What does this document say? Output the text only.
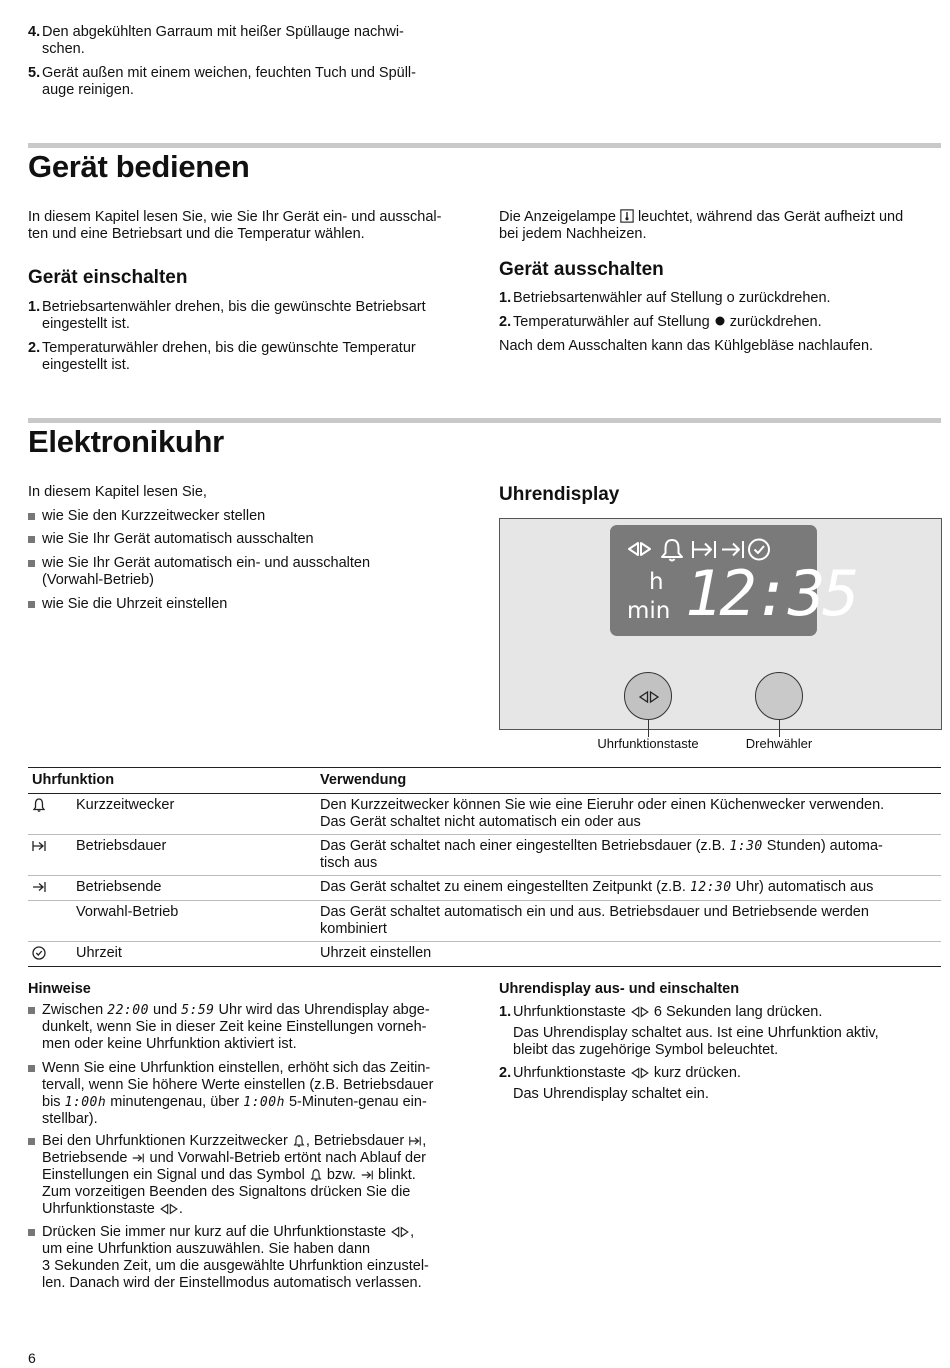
4. Den abgekühlten Garraum mit heißer Spüllauge nachwi-
schen.
5. Gerät außen mit einem weichen, feuchten Tuch und Spüll-
auge reinigen.
Gerät bedienen
In diesem Kapitel lesen Sie, wie Sie Ihr Gerät ein- und ausschal-
ten und eine Betriebsart und die Temperatur wählen.
Die Anzeigelampe leuchtet, während das Gerät aufheizt und
bei jedem Nachheizen.
Gerät einschalten
1. Betriebsartenwähler drehen, bis die gewünschte Betriebsart
eingestellt ist.
2. Temperaturwähler drehen, bis die gewünschte Temperatur
eingestellt ist.
Gerät ausschalten
1. Betriebsartenwähler auf Stellung o zurückdrehen.
2. Temperaturwähler auf Stellung zurückdrehen.
Nach dem Ausschalten kann das Kühlgebläse nachlaufen.
Elektronikuhr
In diesem Kapitel lesen Sie,
wie Sie den Kurzzeitwecker stellen
wie Sie Ihr Gerät automatisch ausschalten
wie Sie Ihr Gerät automatisch ein- und ausschalten
(Vorwahl-Betrieb)
wie Sie die Uhrzeit einstellen
Uhrendisplay
h
min 12:35
Uhrfunktionstaste	Drehwähler
Uhrfunktion		Verwendung
	Kurzzeitwecker	Den Kurzzeitwecker können Sie wie eine Eieruhr oder einen Küchenwecker verwenden.
Das Gerät schaltet nicht automatisch ein oder aus

	Betriebsdauer	Das Gerät schaltet nach einer eingestellten Betriebsdauer (z.B. 1:30 Stunden) automa-
tisch aus

	Betriebsende	Das Gerät schaltet zu einem eingestellten Zeitpunkt (z.B. 12:30 Uhr) automatisch aus

	Vorwahl-Betrieb	Das Gerät schaltet automatisch ein und aus. Betriebsdauer und Betriebsende werden
kombiniert

	Uhrzeit	Uhrzeit einstellen
Hinweise
Zwischen 22:00 und 5:59 Uhr wird das Uhrendisplay abge-
dunkelt, wenn Sie in dieser Zeit keine Einstellungen vorneh-
men oder keine Uhrfunktion aktiviert ist.
Wenn Sie eine Uhrfunktion einstellen, erhöht sich das Zeitin-
tervall, wenn Sie höhere Werte einstellen (z.B. Betriebsdauer
bis 1:00h minutengenau, über 1:00h 5-Minuten-genau ein-
stellbar).
Bei den Uhrfunktionen Kurzzeitwecker , Betriebsdauer ,
Betriebsende und Vorwahl-Betrieb ertönt nach Ablauf der
Einstellungen ein Signal und das Symbol bzw. blinkt.
Zum vorzeitigen Beenden des Signaltons drücken Sie die
Uhrfunktionstaste .
Drücken Sie immer nur kurz auf die Uhrfunktionstaste ,
um eine Uhrfunktion auszuwählen. Sie haben dann
3 Sekunden Zeit, um die ausgewählte Uhrfunktion einzustel-
len. Danach wird der Einstellmodus automatisch verlassen.
Uhrendisplay aus- und einschalten
1. Uhrfunktionstaste 6 Sekunden lang drücken.
Das Uhrendisplay schaltet aus. Ist eine Uhrfunktion aktiv,
bleibt das zugehörige Symbol beleuchtet.
2. Uhrfunktionstaste kurz drücken.
Das Uhrendisplay schaltet ein.
6
